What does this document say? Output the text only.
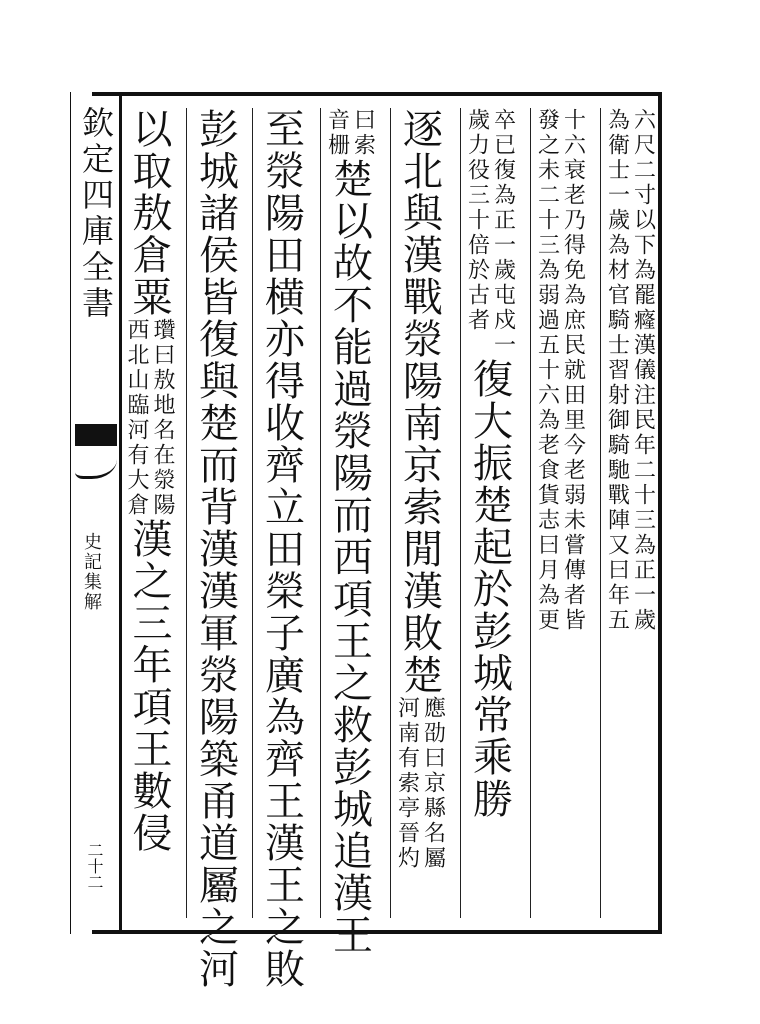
欽定四庫全書
史記集解
二十二
六尺二寸以下為罷癃漢儀注民年二十三為正一歲
為衛士一歲為材官騎士習射御騎馳戰陣又曰年五
十六衰老乃得免為庶民就田里今老弱未嘗傳者皆
發之未二十三為弱過五十六為老食貨志曰月為更
卒已復為正一歲屯戍一
歲力役三十倍於古者
復大振楚起於彭城常乘勝
逐北與漢戰滎陽南京索閒漢敗楚
應劭曰京縣名屬
河南有索亭晉灼
曰索
音栅
楚以故不能過滎陽而西項王之救彭城追漢王
至滎陽田横亦得收齊立田榮子廣為齊王漢王之敗
彭城諸侯皆復與楚而背漢漢軍滎陽築甬道屬之河
以取敖倉粟
瓚曰敖地名在滎陽
西北山臨河有大倉
漢之三年項王數侵
